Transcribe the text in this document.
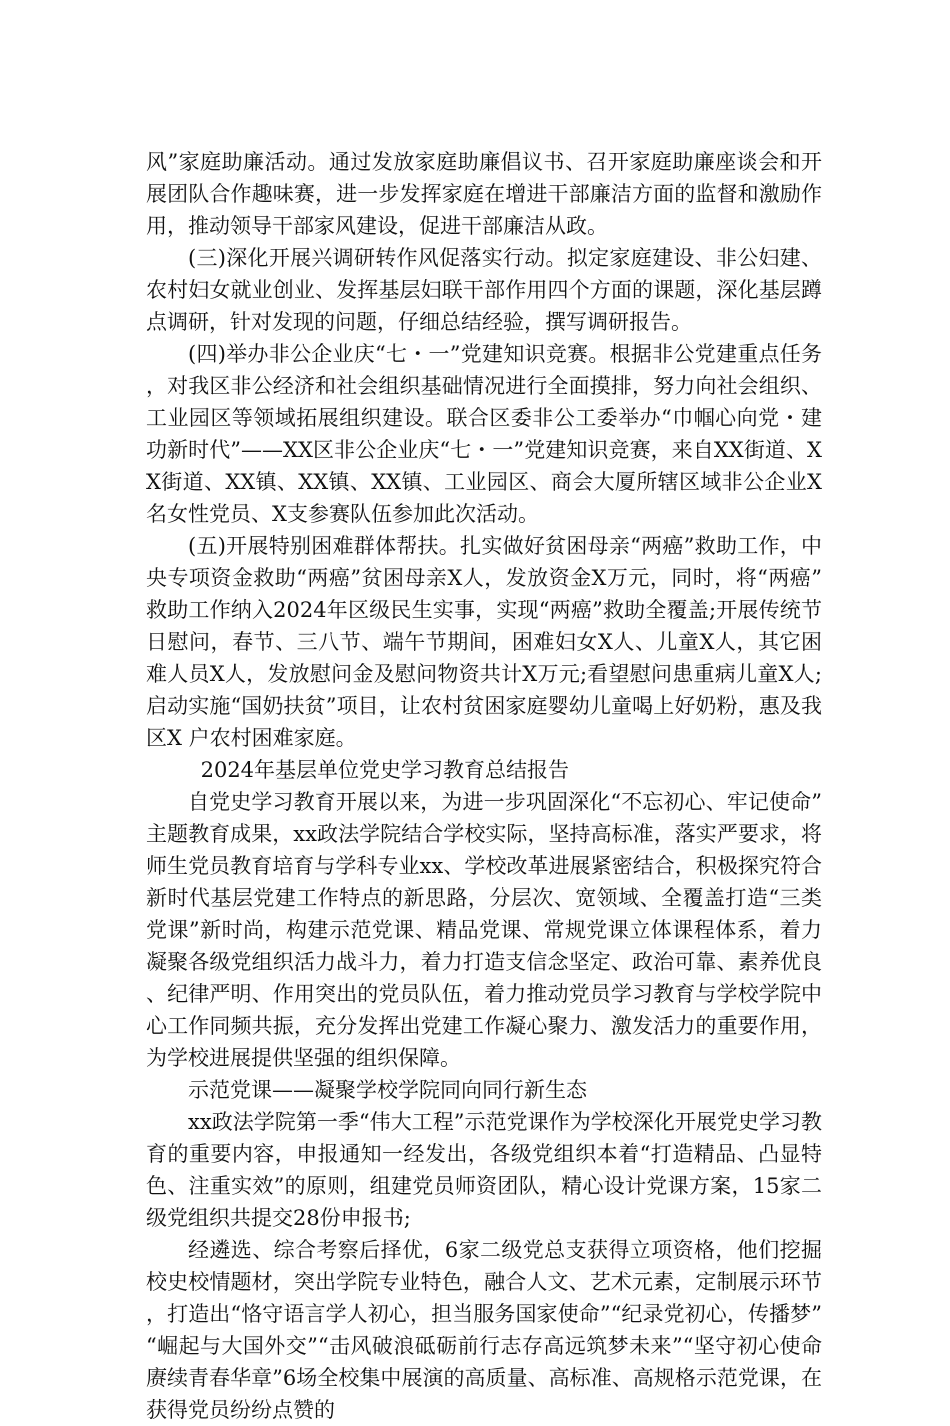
风”家庭助廉活动。通过发放家庭助廉倡议书、召开家庭助廉座谈会和开展团队合作趣味赛，进一步发挥家庭在增进干部廉洁方面的监督和激励作用，推动领导干部家风建设，促进干部廉洁从政。

(三)深化开展兴调研转作风促落实行动。拟定家庭建设、非公妇建、农村妇女就业创业、发挥基层妇联干部作用四个方面的课题，深化基层蹲点调研，针对发现的问题，仔细总结经验，撰写调研报告。

(四)举办非公企业庆“七・一”党建知识竞赛。根据非公党建重点任务，对我区非公经济和社会组织基础情况进行全面摸排，努力向社会组织、工业园区等领域拓展组织建设。联合区委非公工委举办“巾帼心向党・建功新时代”——XX区非公企业庆“七・一”党建知识竞赛，来自XX街道、XX街道、XX镇、XX镇、XX镇、工业园区、商会大厦所辖区域非公企业X名女性党员、X支参赛队伍参加此次活动。

(五)开展特别困难群体帮扶。扎实做好贫困母亲“两癌”救助工作，中央专项资金救助“两癌”贫困母亲X人，发放资金X万元，同时，将“两癌”救助工作纳入2024年区级民生实事，实现“两癌”救助全覆盖;开展传统节日慰问，春节、三八节、端午节期间，困难妇女X人、儿童X人，其它困难人员X人，发放慰问金及慰问物资共计X万元;看望慰问患重病儿童X人;启动实施“国奶扶贫”项目，让农村贫困家庭婴幼儿童喝上好奶粉，惠及我区X 户农村困难家庭。

2024年基层单位党史学习教育总结报告

自党史学习教育开展以来，为进一步巩固深化“不忘初心、牢记使命”主题教育成果，xx政法学院结合学校实际，坚持高标准，落实严要求，将师生党员教育培育与学科专业xx、学校改革进展紧密结合，积极探究符合新时代基层党建工作特点的新思路，分层次、宽领域、全覆盖打造“三类党课”新时尚，构建示范党课、精品党课、常规党课立体课程体系，着力凝聚各级党组织活力战斗力，着力打造支信念坚定、政治可靠、素养优良、纪律严明、作用突出的党员队伍，着力推动党员学习教育与学校学院中心工作同频共振，充分发挥出党建工作凝心聚力、激发活力的重要作用，为学校进展提供坚强的组织保障。

示范党课——凝聚学校学院同向同行新生态

xx政法学院第一季“伟大工程”示范党课作为学校深化开展党史学习教育的重要内容，申报通知一经发出，各级党组织本着“打造精品、凸显特色、注重实效”的原则，组建党员师资团队，精心设计党课方案，15家二级党组织共提交28份申报书;

经遴选、综合考察后择优，6家二级党总支获得立项资格，他们挖掘校史校情题材，突出学院专业特色，融合人文、艺术元素，定制展示环节，打造出“恪守语言学人初心，担当服务国家使命”“纪录党初心，传播梦”“崛起与大国外交”“击风破浪砥砺前行志存高远筑梦未来”“坚守初心使命 赓续青春华章”6场全校集中展演的高质量、高标准、高规格示范党课，在获得党员纷纷点赞的
